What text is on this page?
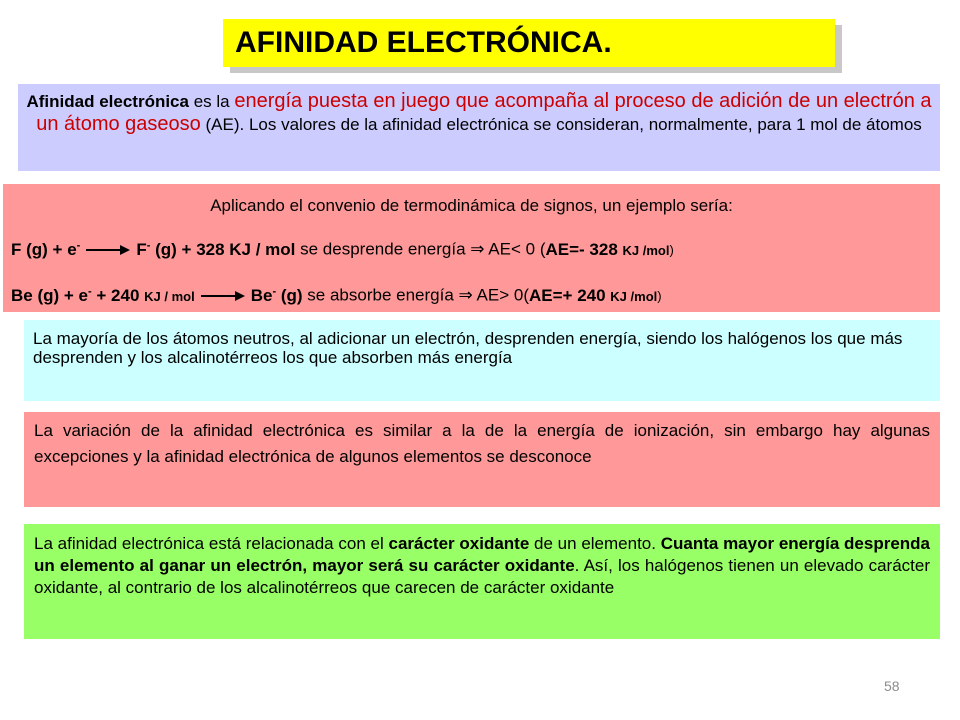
AFINIDAD ELECTRÓNICA.
Afinidad electrónica es la energía puesta en juego que acompaña al proceso de adición de un electrón a un átomo gaseoso (AE). Los valores de la afinidad electrónica se consideran, normalmente, para 1 mol de átomos
Aplicando el convenio de termodinámica de signos, un ejemplo sería:
F (g) + e-	F- (g) + 328 KJ / mol se desprende energía ⇒ AE< 0 (AE=- 328 KJ /mol)
Be (g) + e- + 240 KJ / mol	Be- (g) se absorbe energía ⇒ AE> 0(AE=+ 240 KJ /mol)
La mayoría de los átomos neutros, al adicionar un electrón, desprenden energía, siendo los halógenos los que más desprenden y los alcalinotérreos los que absorben más energía
La variación de la afinidad electrónica es similar a la de la energía de ionización, sin embargo hay algunas excepciones y la afinidad electrónica de algunos elementos se desconoce
La afinidad electrónica está relacionada con el carácter oxidante de un elemento. Cuanta mayor energía desprenda un elemento al ganar un electrón, mayor será su carácter oxidante. Así, los halógenos tienen un elevado carácter oxidante, al contrario de los alcalinotérreos que carecen de carácter oxidante
58
